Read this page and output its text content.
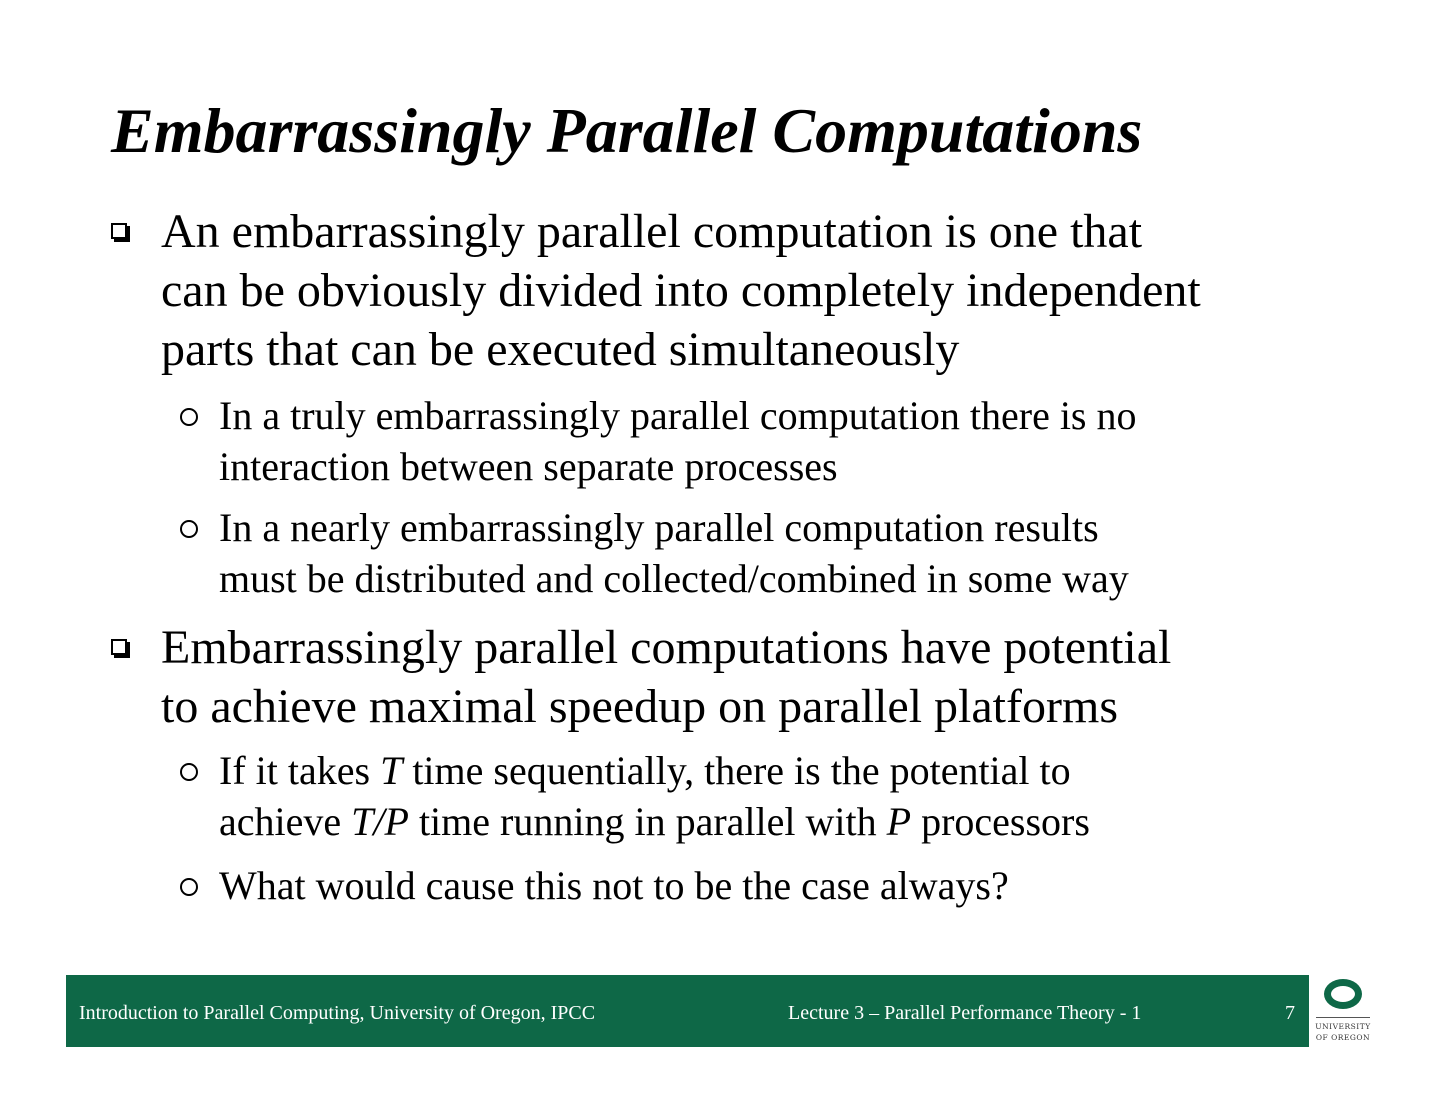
Embarrassingly Parallel Computations
An embarrassingly parallel computation is one that
can be obviously divided into completely independent
parts that can be executed simultaneously
In a truly embarrassingly parallel computation there is no
interaction between separate processes
In a nearly embarrassingly parallel computation results
must be distributed and collected/combined in some way
Embarrassingly parallel computations have potential
to achieve maximal speedup on parallel platforms
If it takes T time sequentially, there is the potential to
achieve T/P time running in parallel with P processors
What would cause this not to be the case always?
Introduction to Parallel Computing, University of Oregon, IPCC	Lecture 3 – Parallel Performance Theory - 1	7
UNIVERSITY
OF OREGON
